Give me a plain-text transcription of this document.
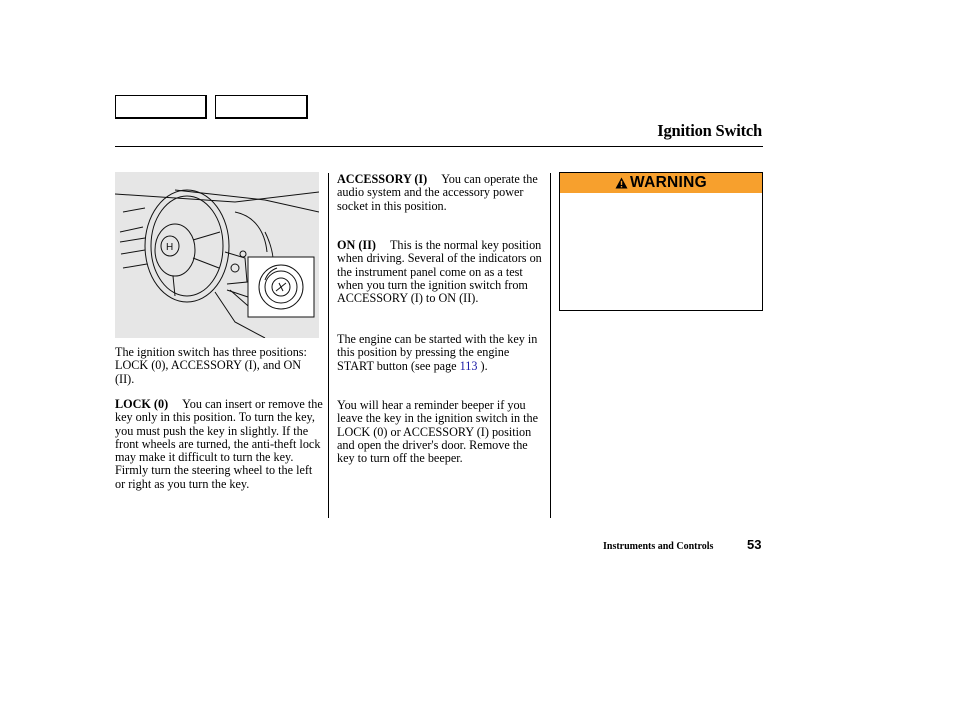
Ignition Switch
H
The ignition switch has three positions: LOCK (0), ACCESSORY (I), and ON (II).
LOCK (0) You can insert or remove the key only in this position. To turn the key, you must push the key in slightly. If the front wheels are turned, the anti-theft lock may make it difficult to turn the key. Firmly turn the steering wheel to the left or right as you turn the key.
ACCESSORY (I) You can operate the audio system and the accessory power socket in this position.
ON (II) This is the normal key position when driving. Several of the indicators on the instrument panel come on as a test when you turn the ignition switch from ACCESSORY (I) to ON (II).
The engine can be started with the key in this position by pressing the engine START button (see page 113 ).
You will hear a reminder beeper if you leave the key in the ignition switch in the LOCK (0) or ACCESSORY (I) position and open the driver's door. Remove the key to turn off the beeper.
WARNING
Instruments and Controls	53
